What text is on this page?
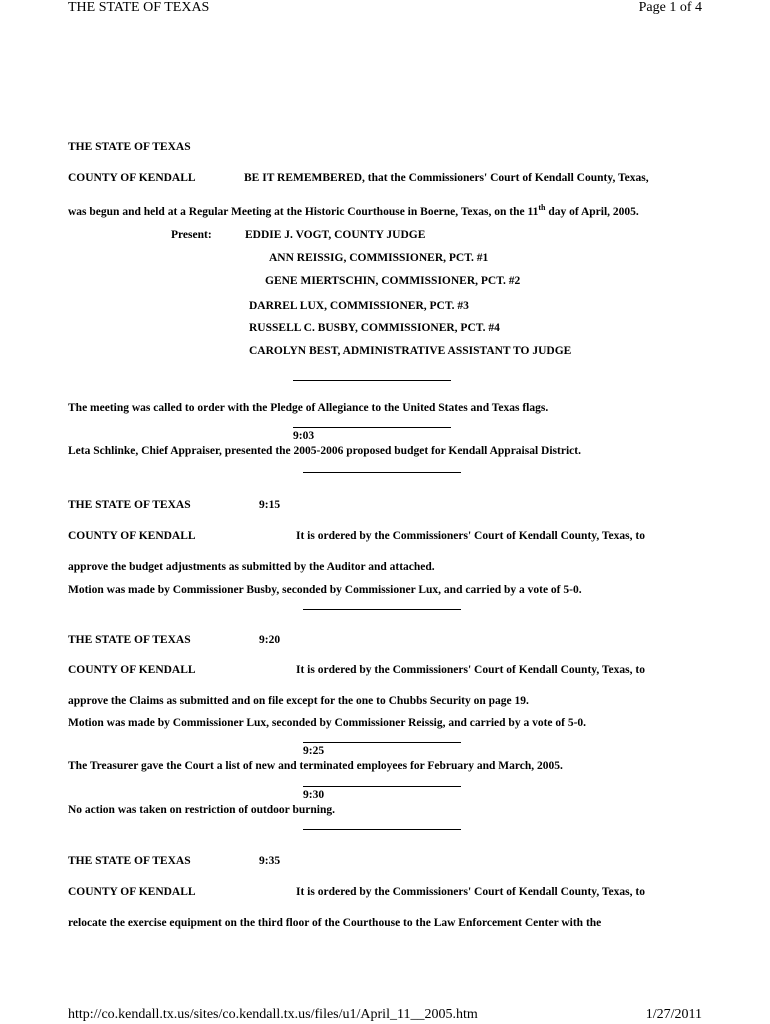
THE STATE OF TEXAS	Page 1 of 4
THE STATE OF TEXAS
COUNTY OF KENDALL	BE IT REMEMBERED, that the Commissioners' Court of Kendall County, Texas,
was begun and held at a Regular Meeting at the Historic Courthouse in Boerne, Texas, on the 11th day of April, 2005.
Present:	EDDIE J. VOGT, COUNTY JUDGE
ANN REISSIG, COMMISSIONER, PCT. #1
GENE MIERTSCHIN, COMMISSIONER, PCT. #2
DARREL LUX, COMMISSIONER, PCT. #3
RUSSELL C. BUSBY, COMMISSIONER, PCT. #4
CAROLYN BEST, ADMINISTRATIVE ASSISTANT TO JUDGE
The meeting was called to order with the Pledge of Allegiance to the United States and Texas flags.
9:03
Leta Schlinke, Chief Appraiser, presented the 2005-2006 proposed budget for Kendall Appraisal District.
THE STATE OF TEXAS	9:15
COUNTY OF KENDALL	It is ordered by the Commissioners' Court of Kendall County, Texas, to
approve the budget adjustments as submitted by the Auditor and attached.
Motion was made by Commissioner Busby, seconded by Commissioner Lux, and carried by a vote of 5-0.
THE STATE OF TEXAS	9:20
COUNTY OF KENDALL	It is ordered by the Commissioners' Court of Kendall County, Texas, to
approve the Claims as submitted and on file except for the one to Chubbs Security on page 19.
Motion was made by Commissioner Lux, seconded by Commissioner Reissig, and carried by a vote of 5-0.
9:25
The Treasurer gave the Court a list of new and terminated employees for February and March, 2005.
9:30
No action was taken on restriction of outdoor burning.
THE STATE OF TEXAS	9:35
COUNTY OF KENDALL	It is ordered by the Commissioners' Court of Kendall County, Texas, to
relocate the exercise equipment on the third floor of the Courthouse to the Law Enforcement Center with the
http://co.kendall.tx.us/sites/co.kendall.tx.us/files/u1/April_11__2005.htm	1/27/2011
